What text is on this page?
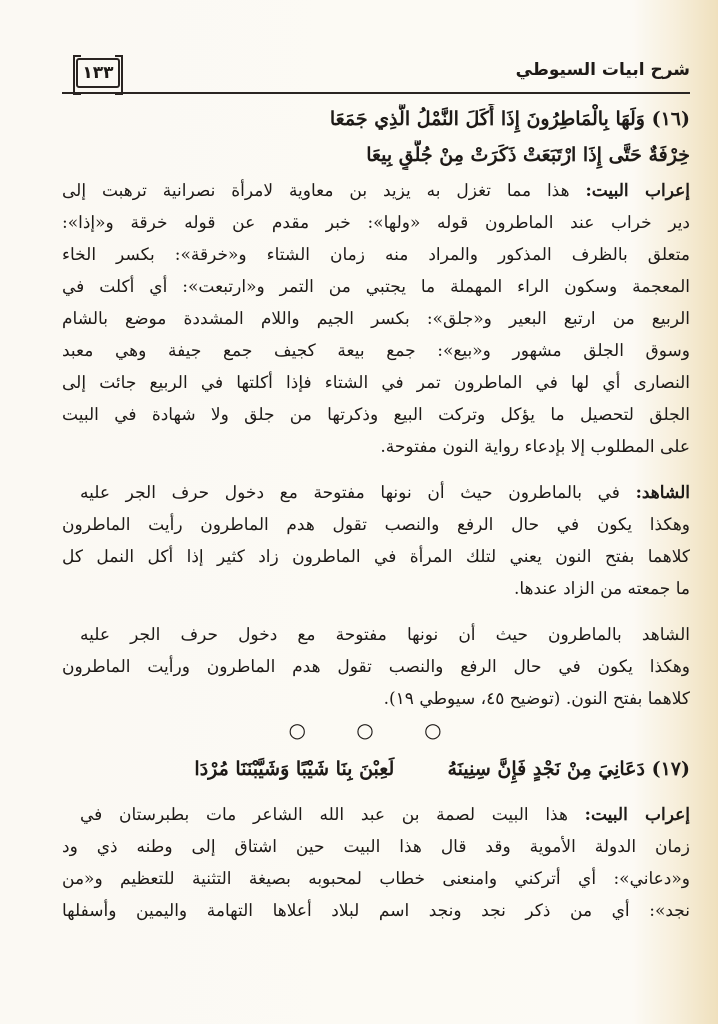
شرح ابيات السيوطي
١٣٣
(١٦) وَلَهَا بِالْمَاطِرُونَ إِذَا أَكَلَ النَّمْلُ الَّذِي جَمَعَا
خِرْفَةٌ حَتَّى إِذَا ارْتَبَعَتْ ذَكَرَتْ مِنْ جُلَّقٍ بِيعَا
إعراب البيت: هذا مما تغزل به يزيد بن معاوية لامرأة نصرانية ترهبت إلى
دير خراب عند الماطرون قوله «ولها»: خبر مقدم عن قوله خرقة و«إذا»:
متعلق بالظرف المذكور والمراد منه زمان الشتاء و«خرقة»: بكسر الخاء
المعجمة وسكون الراء المهملة ما يجتبي من التمر و«ارتبعت»: أي أكلت في
الربيع من ارتبع البعير و«جلق»: بكسر الجيم واللام المشددة موضع بالشام
وسوق الجلق مشهور و«بيع»: جمع بيعة كجيف جمع جيفة وهي معبد
النصارى أي لها في الماطرون تمر في الشتاء فإذا أكلتها في الربيع جائت إلى
الجلق لتحصيل ما يؤكل وتركت البيع وذكرتها من جلق ولا شهادة في البيت
على المطلوب إلا بإدعاء رواية النون مفتوحة.
الشاهد: في بالماطرون حيث أن نونها مفتوحة مع دخول حرف الجر عليه
وهكذا يكون في حال الرفع والنصب تقول هدم الماطرون رأيت الماطرون
كلاهما بفتح النون يعني لتلك المرأة في الماطرون زاد كثير إذا أكل النمل كل
ما جمعته من الزاد عندها.
الشاهد بالماطرون حيث أن نونها مفتوحة مع دخول حرف الجر عليه
وهكذا يكون في حال الرفع والنصب تقول هدم الماطرون ورأيت الماطرون
كلاهما بفتح النون. (توضيح ٤٥، سيوطي ١٩).
○ ○ ○
(١٧) دَعَانِيَ مِنْ نَجْدٍ فَإِنَّ سِنِينَهُ  لَعِبْنَ بِنَا شَيْبًا وَشَيَّبْنَنَا مُرْدَا
إعراب البيت: هذا البيت لصمة بن عبد الله الشاعر مات بطبرستان في
زمان الدولة الأموية وقد قال هذا البيت حين اشتاق إلى وطنه ذي ود
و«دعاني»: أي أتركني وامنعنى خطاب لمحبوبه بصيغة التثنية للتعظيم و«من
نجد»: أي من ذكر نجد ونجد اسم لبلاد أعلاها التهامة واليمين وأسفلها
